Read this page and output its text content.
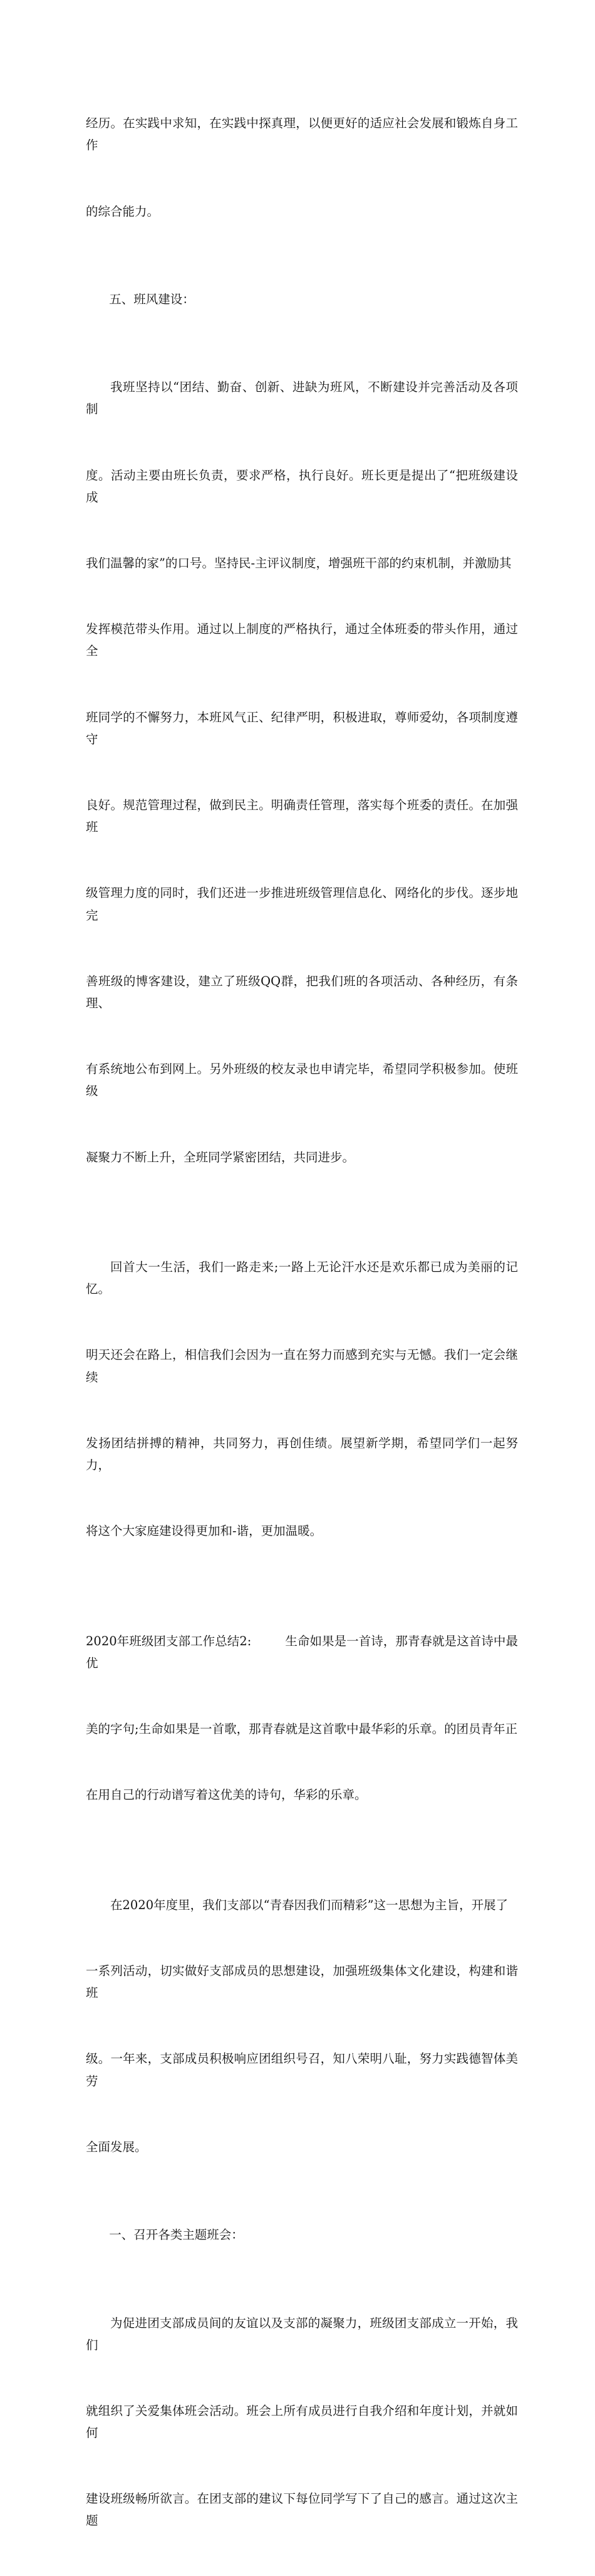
经历。在实践中求知，在实践中探真理，以便更好的适应社会发展和锻炼自身工作

的综合能力。

五、班风建设：

我班坚持以“团结、勤奋、创新、进缺为班风，不断建设并完善活动及各项制

度。活动主要由班长负责，要求严格，执行良好。班长更是提出了“把班级建设成

我们温馨的家”的口号。坚持民-主评议制度，增强班干部的约束机制，并激励其

发挥模范带头作用。通过以上制度的严格执行，通过全体班委的带头作用，通过全

班同学的不懈努力，本班风气正、纪律严明，积极进取，尊师爱幼，各项制度遵守

良好。规范管理过程，做到民主。明确责任管理，落实每个班委的责任。在加强班

级管理力度的同时，我们还进一步推进班级管理信息化、网络化的步伐。逐步地完

善班级的博客建设，建立了班级QQ群，把我们班的各项活动、各种经历，有条理、

有系统地公布到网上。另外班级的校友录也申请完毕，希望同学积极参加。使班级

凝聚力不断上升，全班同学紧密团结，共同进步。

回首大一生活，我们一路走来;一路上无论汗水还是欢乐都已成为美丽的记忆。

明天还会在路上，相信我们会因为一直在努力而感到充实与无憾。我们一定会继续

发扬团结拼搏的精神，共同努力，再创佳绩。展望新学期，希望同学们一起努力，

将这个大家庭建设得更加和-谐，更加温暖。

2020年班级团支部工作总结2:	生命如果是一首诗，那青春就是这首诗中最优

美的字句;生命如果是一首歌，那青春就是这首歌中最华彩的乐章。的团员青年正

在用自己的行动谱写着这优美的诗句，华彩的乐章。

在2020年度里，我们支部以“青春因我们而精彩”这一思想为主旨，开展了

一系列活动，切实做好支部成员的思想建设，加强班级集体文化建设，构建和谐班

级。一年来，支部成员积极响应团组织号召，知八荣明八耻，努力实践德智体美劳

全面发展。

一、召开各类主题班会：

为促进团支部成员间的友谊以及支部的凝聚力，班级团支部成立一开始，我们

就组织了关爱集体班会活动。班会上所有成员进行自我介绍和年度计划，并就如何

建设班级畅所欲言。在团支部的建议下每位同学写下了自己的感言。通过这次主题
